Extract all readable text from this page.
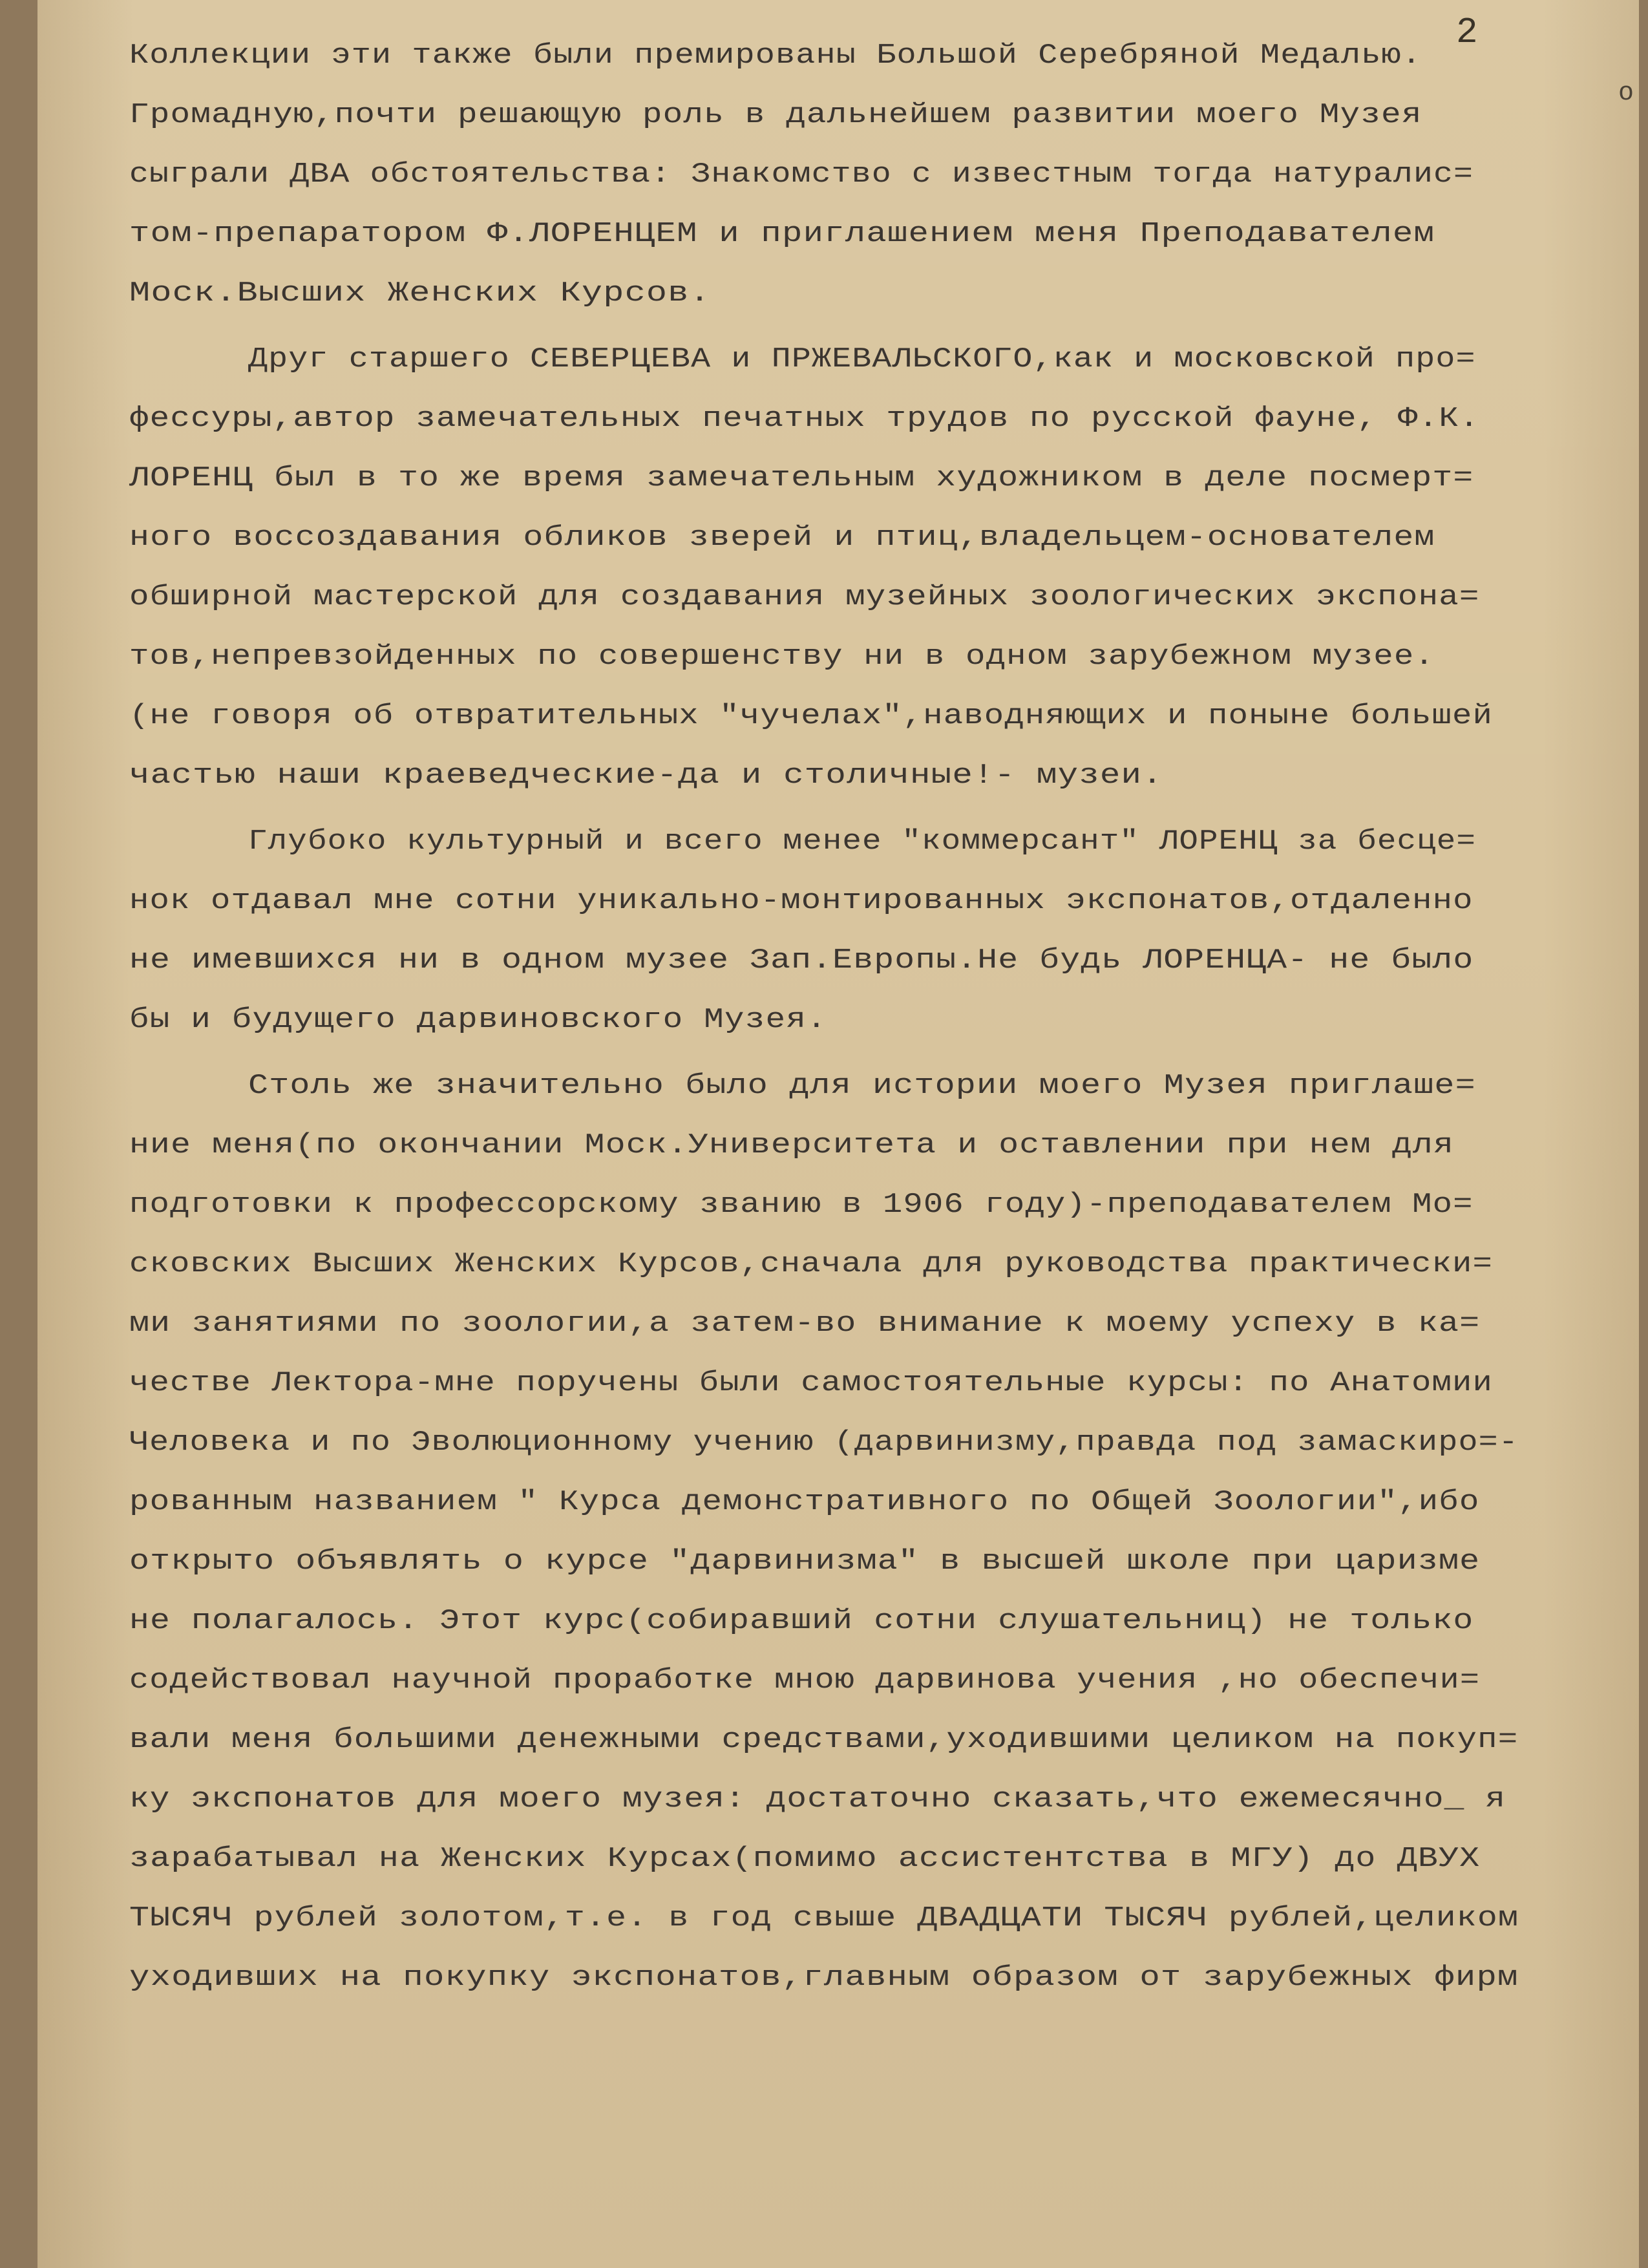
2
о
Коллекции эти также были премированы Большой Серебряной Медалью.
Громадную,почти решающую роль в дальнейшем развитии моего Музея
сыграли ДВА обстоятельства: Знакомство с известным тогда натуралис=
том-препаратором Ф.ЛОРЕНЦЕМ и приглашением меня Преподавателем
Моск.Высших Женских Курсов.
Друг старшего СЕВЕРЦЕВА и ПРЖЕВАЛЬСКОГО,как и московской про=
фессуры,автор замечательных печатных трудов по русской фауне, Ф.К.
ЛОРЕНЦ был в то же время замечательным художником в деле посмерт=
ного воссоздавания обликов зверей и птиц,владельцем-основателем
обширной мастерской для создавания музейных зоологических экспона=
тов,непревзойденных по совершенству ни в одном зарубежном музее.
(не говоря об отвратительных "чучелах",наводняющих и поныне большей
частью наши краеведческие-да и столичные!- музеи.
Глубоко культурный и всего менее "коммерсант" ЛОРЕНЦ за бесце=
нок отдавал мне сотни уникально-монтированных экспонатов,отдаленно
не имевшихся ни в одном музее Зап.Европы.Не будь ЛОРЕНЦА- не было
бы и будущего дарвиновского Музея.
Столь же значительно было для истории моего Музея приглаше=
ние меня(по окончании Моск.Университета и оставлении при нем для
подготовки к профессорскому званию в 1906 году)-преподавателем Мо=
сковских Высших Женских Курсов,сначала для руководства практически=
ми занятиями по зоологии,а затем-во внимание к моему успеху в ка=
честве Лектора-мне поручены были самостоятельные курсы: по Анатомии
Человека и по Эволюционному учению (дарвинизму,правда под замаскиро=-
рованным названием " Курса демонстративного по Общей Зоологии",ибо
открыто объявлять о курсе "дарвинизма" в высшей школе при царизме
не полагалось. Этот курс(собиравший сотни слушательниц) не только
содействовал научной проработке мною дарвинова учения ,но обеспечи=
вали меня большими денежными средствами,уходившими целиком на покуп=
ку экспонатов для моего музея: достаточно сказать,что ежемесячно_ я
зарабатывал на Женских Курсах(помимо ассистентства в МГУ) до ДВУХ
ТЫСЯЧ рублей золотом,т.е. в год свыше ДВАДЦАТИ ТЫСЯЧ рублей,целиком
уходивших на покупку экспонатов,главным образом от зарубежных фирм
